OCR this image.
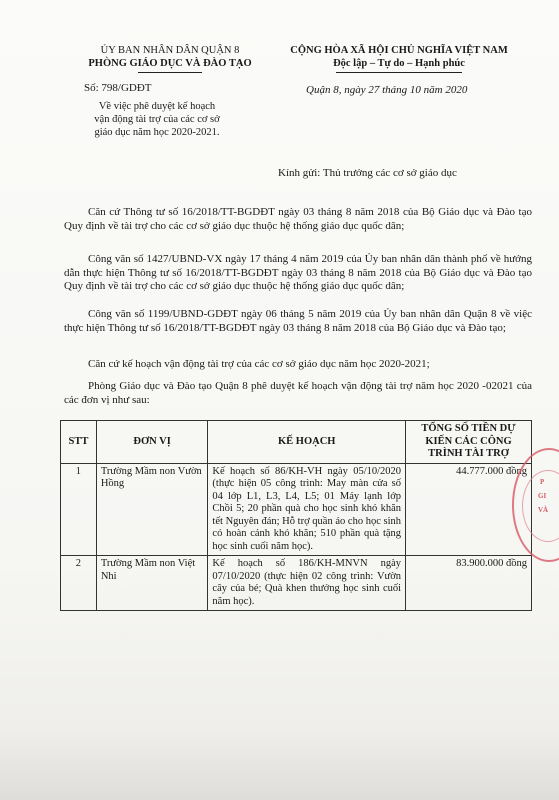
ỦY BAN NHÂN DÂN QUẬN 8
PHÒNG GIÁO DỤC VÀ ĐÀO TẠO
CỘNG HÒA XÃ HỘI CHỦ NGHĨA VIỆT NAM
Độc lập – Tự do – Hạnh phúc
Số: 798/GDĐT	Quận 8, ngày 27 tháng 10 năm 2020
Về việc phê duyệt kế hoạch
vận động tài trợ của các cơ sở
giáo dục năm học 2020-2021.
Kính gửi: Thủ trưởng các cơ sở giáo dục
Căn cứ Thông tư số 16/2018/TT-BGDĐT ngày 03 tháng 8 năm 2018 của Bộ Giáo dục và Đào tạo Quy định về tài trợ cho các cơ sở giáo dục thuộc hệ thống giáo dục quốc dân;
Công văn số 1427/UBND-VX ngày 17 tháng 4 năm 2019 của Ủy ban nhân dân thành phố về hướng dẫn thực hiện Thông tư số 16/2018/TT-BGDĐT ngày 03 tháng 8 năm 2018 của Bộ Giáo dục và Đào tạo Quy định về tài trợ cho các cơ sở giáo dục thuộc hệ thống giáo dục quốc dân;
Công văn số 1199/UBND-GDĐT ngày 06 tháng 5 năm 2019 của Ủy ban nhân dân Quận 8 về việc thực hiện Thông tư số 16/2018/TT-BGDĐT ngày 03 tháng 8 năm 2018 của Bộ Giáo dục và Đào tạo;
Căn cứ kế hoạch vận động tài trợ của các cơ sở giáo dục năm học 2020-2021;
Phòng Giáo dục và Đào tạo Quận 8 phê duyệt kế hoạch vận động tài trợ năm học 2020 -02021 của các đơn vị như sau:
STT	ĐƠN VỊ	KẾ HOẠCH	TỔNG SỐ TIỀN DỰ KIẾN CÁC CÔNG TRÌNH TÀI TRỢ
1	Trường Mầm non Vườn Hồng	Kế hoạch số 86/KH-VH ngày 05/10/2020 (thực hiện 05 công trình: May màn cửa số 04 lớp L1, L3, L4, L5; 01 Máy lạnh lớp Chồi 5; 20 phần quà cho học sinh khó khăn tết Nguyên đán; Hỗ trợ quần áo cho học sinh có hoàn cảnh khó khăn; 510 phần quà tặng học sinh cuối năm học).	44.777.000 đồng
2	Trường Mầm non Việt Nhi	Kế hoạch số 186/KH-MNVN ngày 07/10/2020 (thực hiện 02 công trình: Vườn cây của bé; Quà khen thưởng học sinh cuối năm học).	83.900.000 đồng
P
GI
VÀ
